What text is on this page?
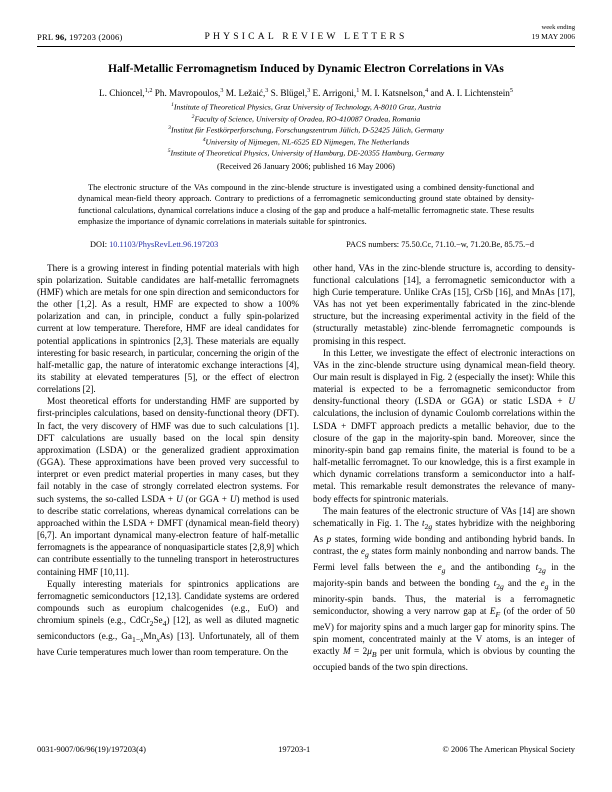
PRL 96, 197203 (2006)	PHYSICAL REVIEW LETTERS
week ending
19 MAY 2006
Half-Metallic Ferromagnetism Induced by Dynamic Electron Correlations in VAs
L. Chioncel,$^{1,2}$ Ph. Mavropoulos,$^3$ M. Ležaić,$^3$ S. Blügel,$^3$ E. Arrigoni,$^1$ M. I. Katsnelson,$^4$ and A. I. Lichtenstein$^5$
$^1$Institute of Theoretical Physics, Graz University of Technology, A-8010 Graz, Austria
$^2$Faculty of Science, University of Oradea, RO-410087 Oradea, Romania
$^3$Institut für Festkörperforschung, Forschungszentrum Jülich, D-52425 Jülich, Germany
$^4$University of Nijmegen, NL-6525 ED Nijmegen, The Netherlands
$^5$Institute of Theoretical Physics, University of Hamburg, DE-20355 Hamburg, Germany
(Received 26 January 2006; published 16 May 2006)
The electronic structure of the VAs compound in the zinc-blende structure is investigated using a combined density-functional and dynamical mean-field theory approach. Contrary to predictions of a ferromagnetic semiconducting ground state obtained by density-functional calculations, dynamical correlations induce a closing of the gap and produce a half-metallic ferromagnetic state. These results emphasize the importance of dynamic correlations in materials suitable for spintronics.
DOI: 10.1103/PhysRevLett.96.197203	PACS numbers: 75.50.Cc, 71.10.−w, 71.20.Be, 85.75.−d

There is a growing interest in finding potential materials with high spin polarization. Suitable candidates are half-metallic ferromagnets (HMF) which are metals for one spin direction and semiconductors for the other [1,2]. As a result, HMF are expected to show a 100% polarization and can, in principle, conduct a fully spin-polarized current at low temperature. Therefore, HMF are ideal candidates for potential applications in spintronics [2,3]. These materials are equally interesting for basic research, in particular, concerning the origin of the half-metallic gap, the nature of interatomic exchange interactions [4], its stability at elevated temperatures [5], or the effect of electron correlations [2].

Most theoretical efforts for understanding HMF are supported by first-principles calculations, based on density-functional theory (DFT). In fact, the very discovery of HMF was due to such calculations [1]. DFT calculations are usually based on the local spin density approximation (LSDA) or the generalized gradient approximation (GGA). These approximations have been proved very successful to interpret or even predict material properties in many cases, but they fail notably in the case of strongly correlated electron systems. For such systems, the so-called LSDA + U (or GGA + U) method is used to describe static correlations, whereas dynamical correlations can be approached within the LSDA + DMFT (dynamical mean-field theory) [6,7]. An important dynamical many-electron feature of half-metallic ferromagnets is the appearance of nonquasiparticle states [2,8,9] which can contribute essentially to the tunneling transport in heterostructures containing HMF [10,11].

Equally interesting materials for spintronics applications are ferromagnetic semiconductors [12,13]. Candidate systems are ordered compounds such as europium chalcogenides (e.g., EuO) and chromium spinels (e.g., $CdCr_2Se_4$) [12], as well as diluted magnetic semiconductors (e.g., $Ga_{1-x}Mn_xAs$) [13]. Unfortunately, all of them have Curie temperatures much lower than room temperature. On the

other hand, VAs in the zinc-blende structure is, according to density-functional calculations [14], a ferromagnetic semiconductor with a high Curie temperature. Unlike CrAs [15], CrSb [16], and MnAs [17], VAs has not yet been experimentally fabricated in the zinc-blende structure, but the increasing experimental activity in the field of the (structurally metastable) zinc-blende ferromagnetic compounds is promising in this respect.

In this Letter, we investigate the effect of electronic interactions on VAs in the zinc-blende structure using dynamical mean-field theory. Our main result is displayed in Fig. 2 (especially the inset): While this material is expected to be a ferromagnetic semiconductor from density-functional theory (LSDA or GGA) or static LSDA + U calculations, the inclusion of dynamic Coulomb correlations within the LSDA + DMFT approach predicts a metallic behavior, due to the closure of the gap in the majority-spin band. Moreover, since the minority-spin band gap remains finite, the material is found to be a half-metallic ferromagnet. To our knowledge, this is a first example in which dynamic correlations transform a semiconductor into a half-metal. This remarkable result demonstrates the relevance of many-body effects for spintronic materials.

The main features of the electronic structure of VAs [14] are shown schematically in Fig. 1. The $t_{2g}$ states hybridize with the neighboring As p states, forming wide bonding and antibonding hybrid bands. In contrast, the $e_g$ states form mainly nonbonding and narrow bands. The Fermi level falls between the $e_g$ and the antibonding $t_{2g}$ in the majority-spin bands and between the bonding $t_{2g}$ and the $e_g$ in the minority-spin bands. Thus, the material is a ferromagnetic semiconductor, showing a very narrow gap at $E_F$ (of the order of 50 meV) for majority spins and a much larger gap for minority spins. The spin moment, concentrated mainly at the V atoms, is an integer of exactly $M = 2\mu_B$ per unit formula, which is obvious by counting the occupied bands of the two spin directions.

0031-9007/06/96(19)/197203(4)	197203-1	© 2006 The American Physical Society
